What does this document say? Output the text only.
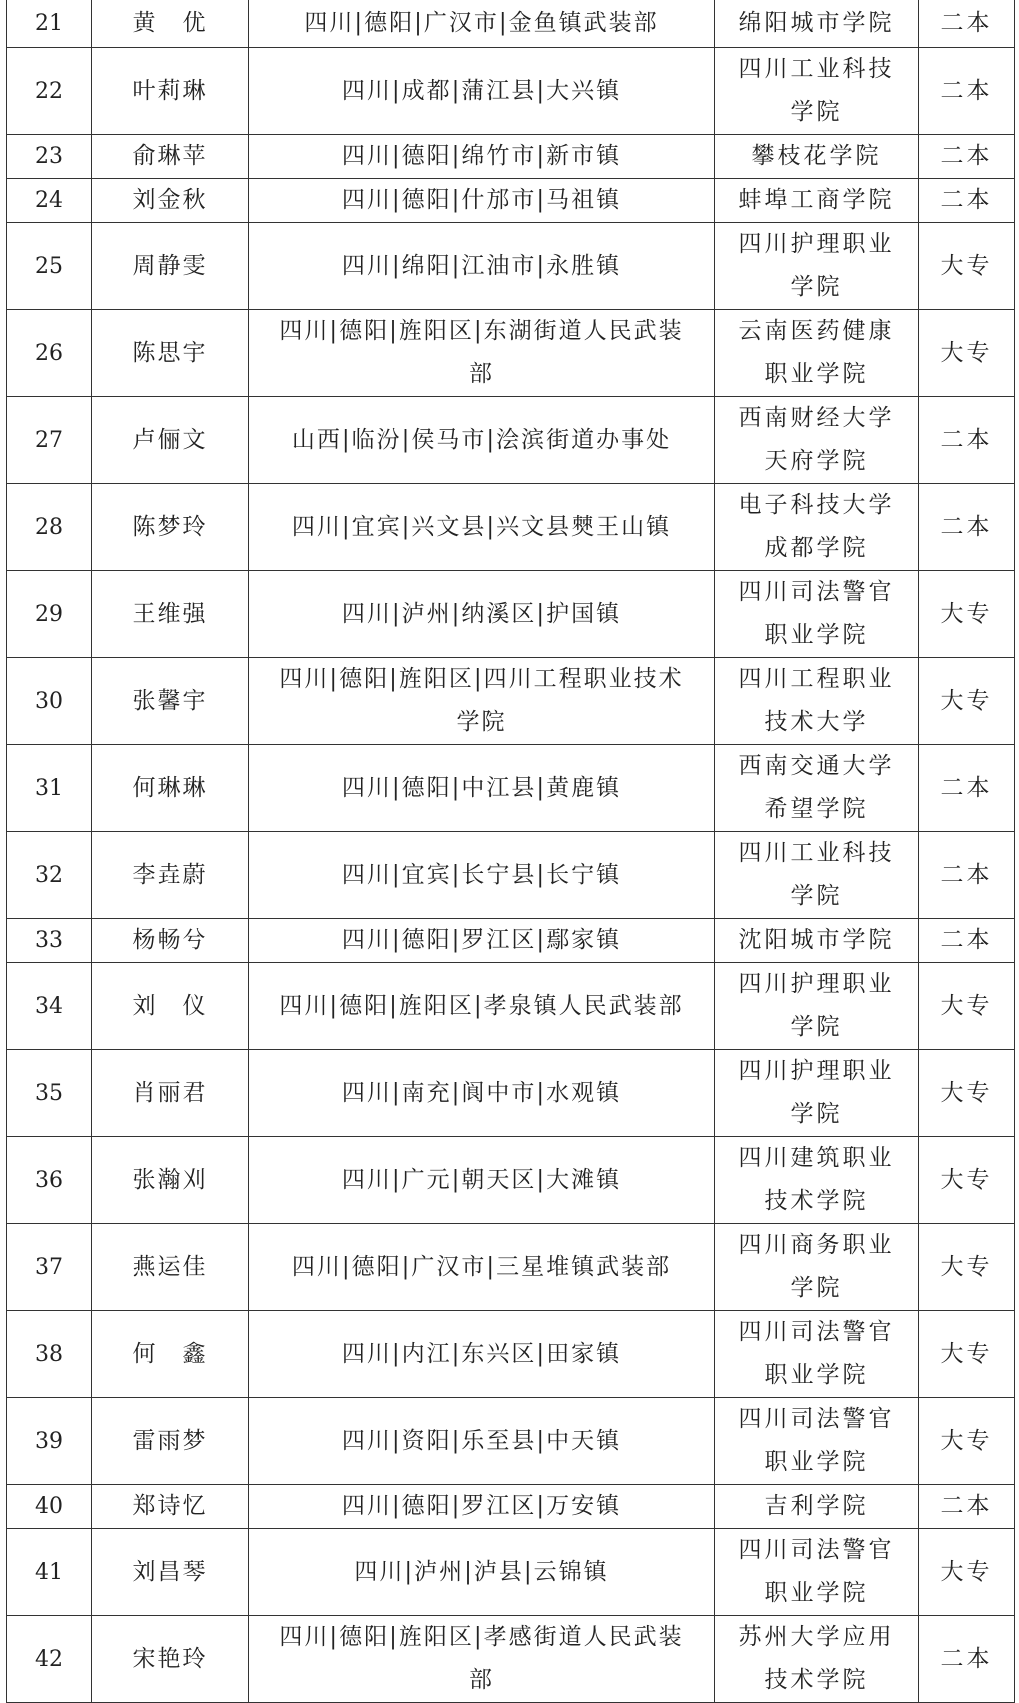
21	黄　优	四川|德阳|广汉市|金鱼镇武装部	绵阳城市学院	二本
22	叶莉琳	四川|成都|蒲江县|大兴镇	四川工业科技学院	二本
23	俞琳苹	四川|德阳|绵竹市|新市镇	攀枝花学院	二本
24	刘金秋	四川|德阳|什邡市|马祖镇	蚌埠工商学院	二本
25	周静雯	四川|绵阳|江油市|永胜镇	四川护理职业学院	大专
26	陈思宇	四川|德阳|旌阳区|东湖街道人民武装部	云南医药健康职业学院	大专
27	卢俪文	山西|临汾|侯马市|浍滨街道办事处	西南财经大学天府学院	二本
28	陈梦玲	四川|宜宾|兴文县|兴文县僰王山镇	电子科技大学成都学院	二本
29	王维强	四川|泸州|纳溪区|护国镇	四川司法警官职业学院	大专
30	张馨宇	四川|德阳|旌阳区|四川工程职业技术学院	四川工程职业技术大学	大专
31	何琳琳	四川|德阳|中江县|黄鹿镇	西南交通大学希望学院	二本
32	李垚蔚	四川|宜宾|长宁县|长宁镇	四川工业科技学院	二本
33	杨畅兮	四川|德阳|罗江区|鄢家镇	沈阳城市学院	二本
34	刘　仪	四川|德阳|旌阳区|孝泉镇人民武装部	四川护理职业学院	大专
35	肖丽君	四川|南充|阆中市|水观镇	四川护理职业学院	大专
36	张瀚刈	四川|广元|朝天区|大滩镇	四川建筑职业技术学院	大专
37	燕运佳	四川|德阳|广汉市|三星堆镇武装部	四川商务职业学院	大专
38	何　鑫	四川|内江|东兴区|田家镇	四川司法警官职业学院	大专
39	雷雨梦	四川|资阳|乐至县|中天镇	四川司法警官职业学院	大专
40	郑诗忆	四川|德阳|罗江区|万安镇	吉利学院	二本
41	刘昌琴	四川|泸州|泸县|云锦镇	四川司法警官职业学院	大专
42	宋艳玲	四川|德阳|旌阳区|孝感街道人民武装部	苏州大学应用技术学院	二本
